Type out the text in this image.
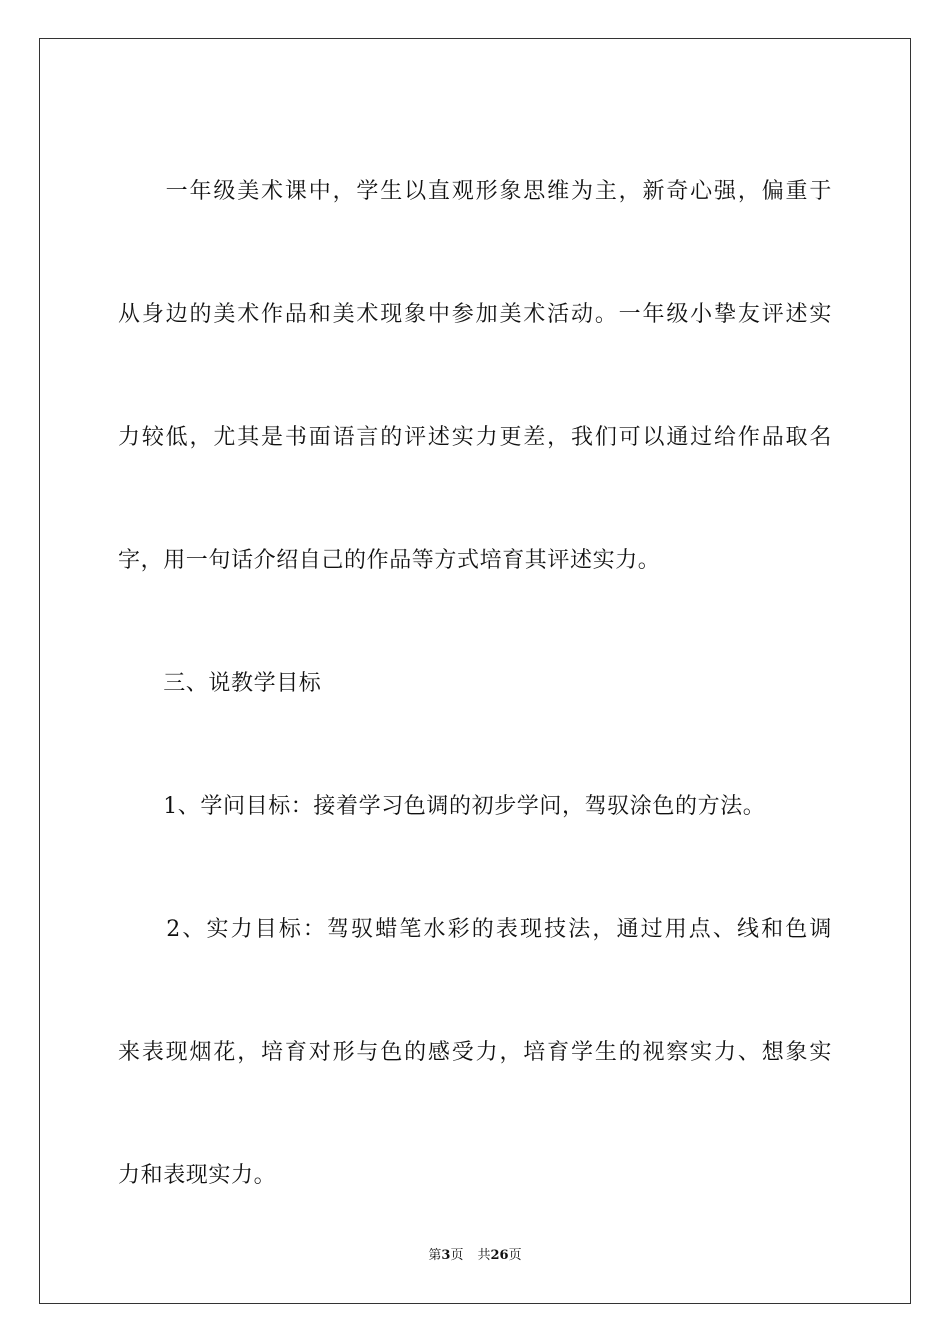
　　一年级美术课中，学生以直观形象思维为主，新奇心强，偏重于
从身边的美术作品和美术现象中参加美术活动。一年级小挚友评述实
力较低，尤其是书面语言的评述实力更差，我们可以通过给作品取名
字，用一句话介绍自己的作品等方式培育其评述实力。
　　三、说教学目标
　　1、学问目标：接着学习色调的初步学问，驾驭涂色的方法。
　　2、实力目标：驾驭蜡笔水彩的表现技法，通过用点、线和色调
来表现烟花，培育对形与色的感受力，培育学生的视察实力、想象实
力和表现实力。
第3页 共26页
